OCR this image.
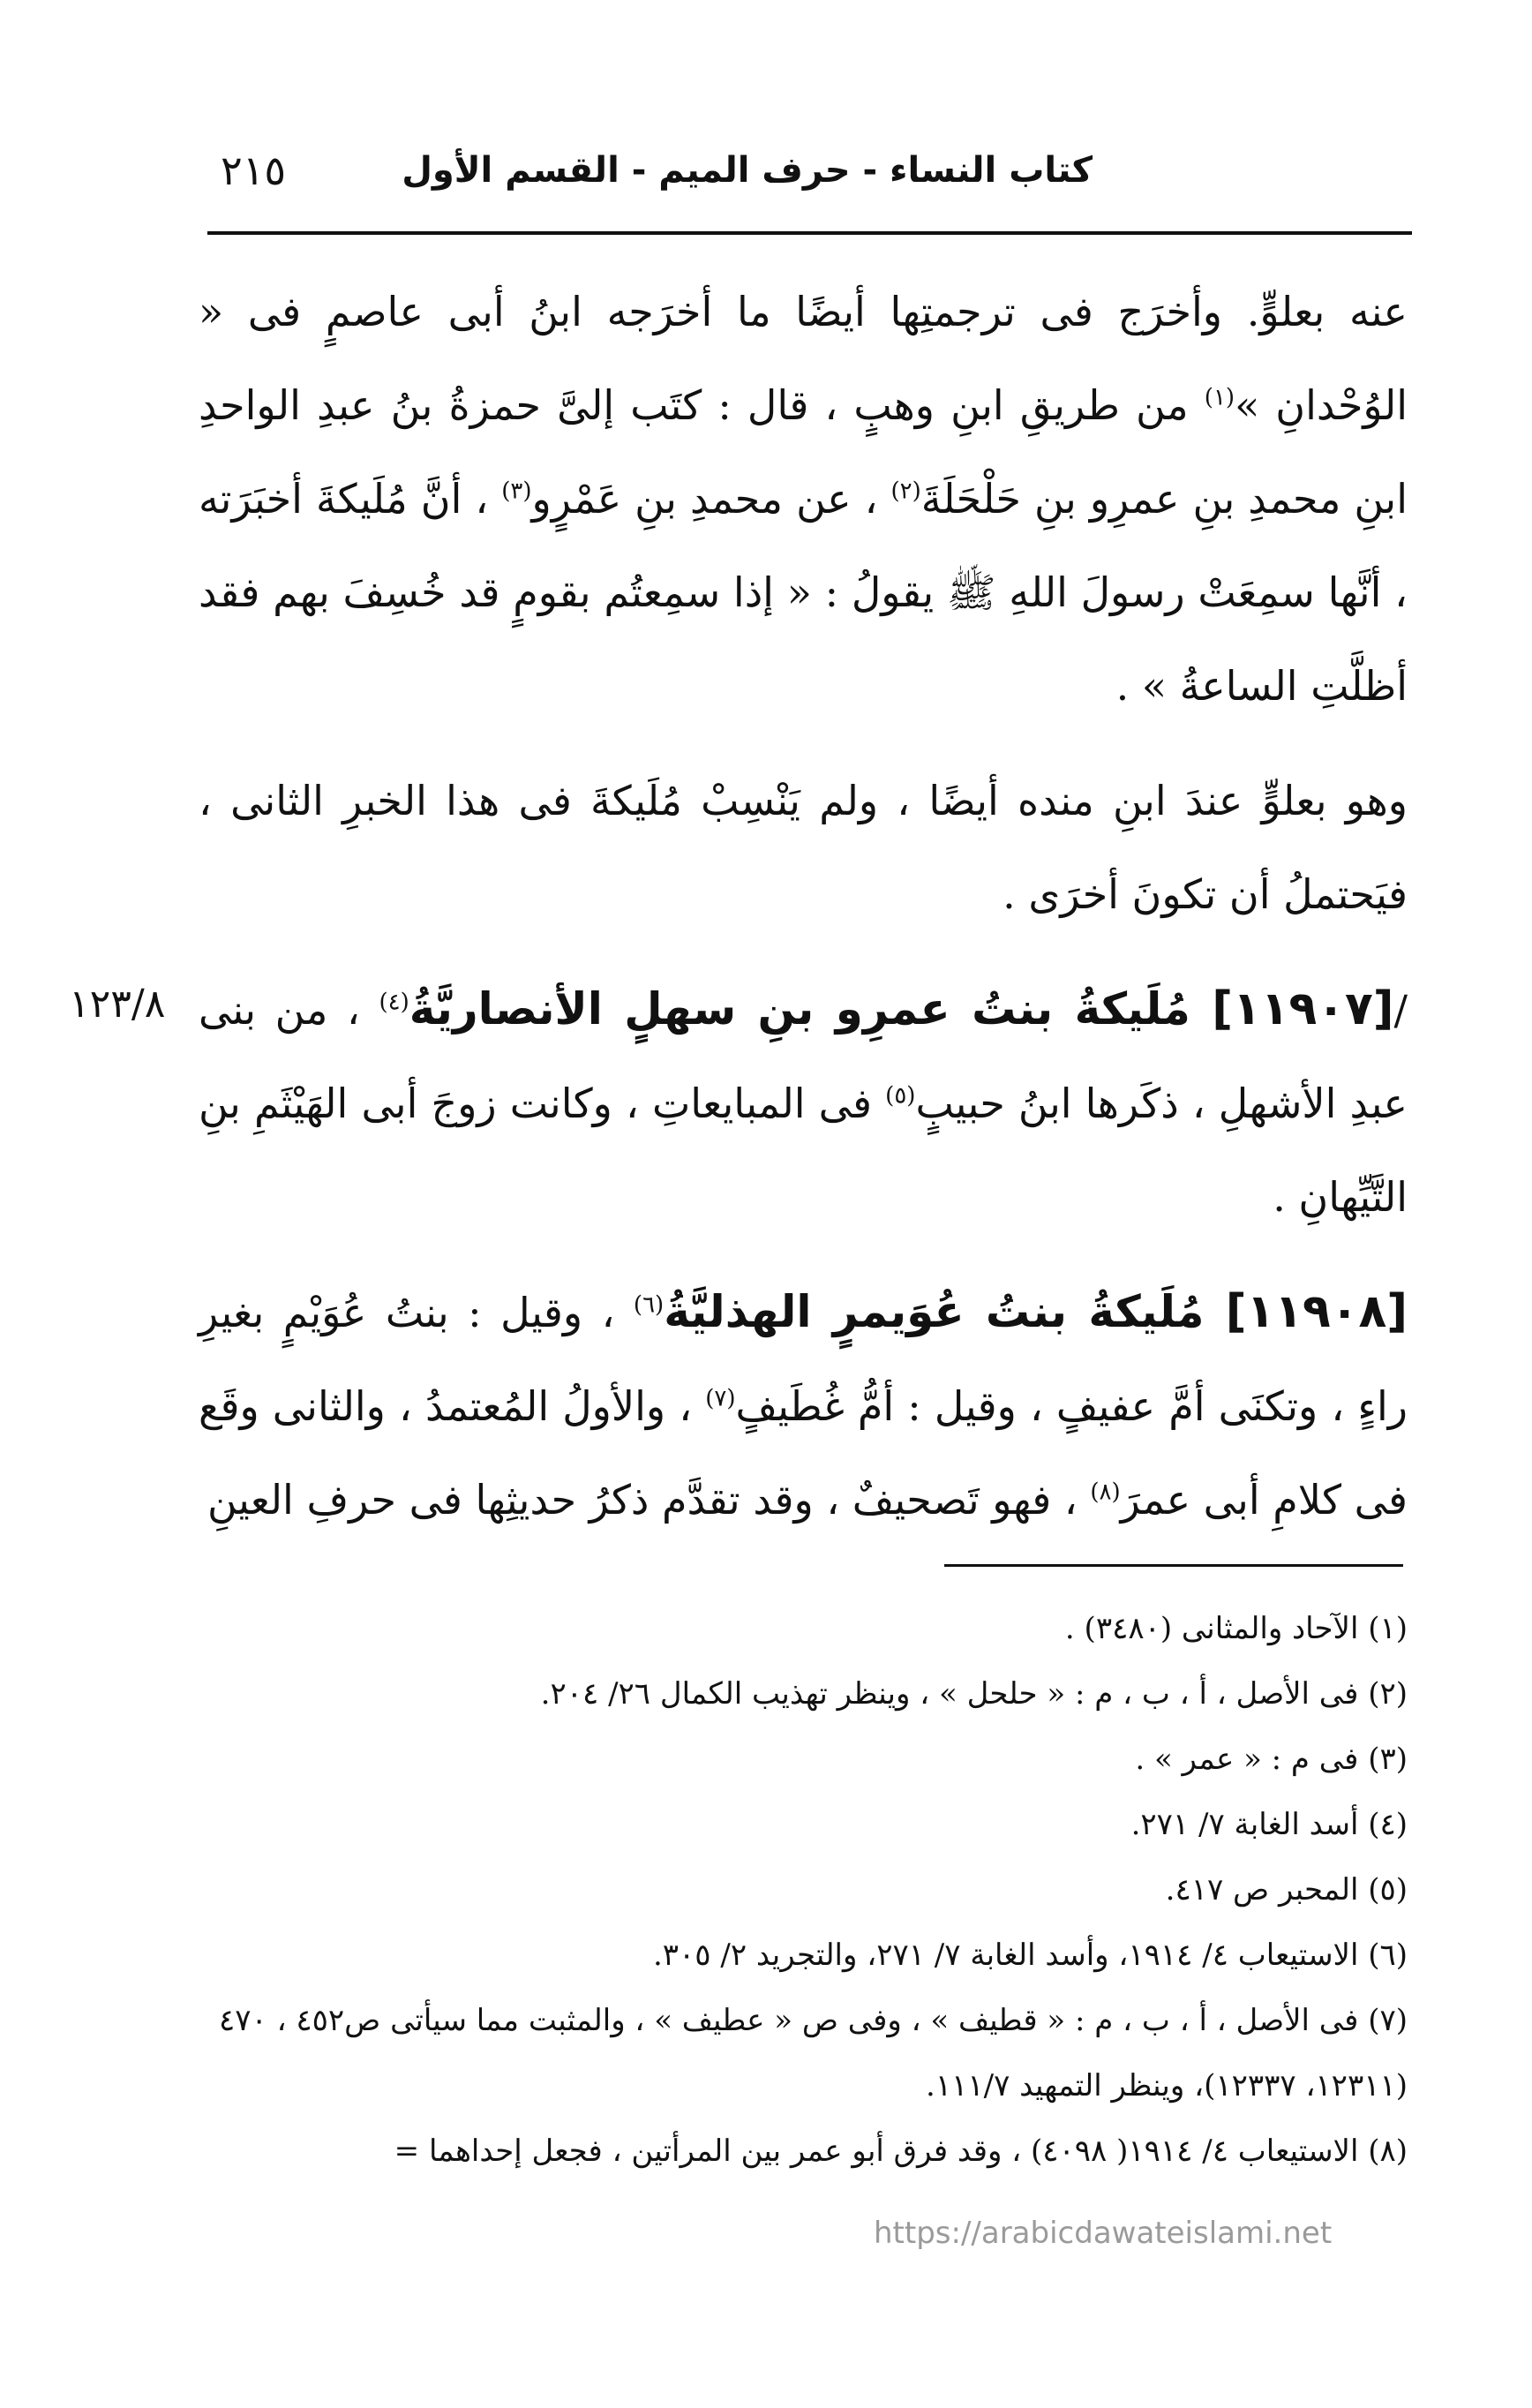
كتاب النساء - حرف الميم - القسم الأول
٢١٥

عنه بعلوٍّ. وأخرَج فى ترجمتِها أيضًا ما أخرَجه ابنُ أبى عاصمٍ فى « الوُحْدانِ »$^{(١)}$ من طريقِ ابنِ وهبٍ ، قال : كتَب إلىَّ حمزةُ بنُ عبدِ الواحدِ ابنِ محمدِ بنِ عمرِو بنِ حَلْحَلَةَ$^{(٢)}$ ، عن محمدِ بنِ عَمْرٍو$^{(٣)}$ ، أنَّ مُلَيكةَ أخبَرَته ، أنَّها سمِعَتْ رسولَ اللهِ ﷺ يقولُ : « إذا سمِعتُم بقومٍ قد خُسِفَ بهم فقد أظلَّتِ الساعةُ » .

وهو بعلوٍّ عندَ ابنِ منده أيضًا ، ولم يَنْسِبْ مُلَيكةَ فى هذا الخبرِ الثانى ، فيَحتملُ أن تكونَ أخرَى .

/[١١٩٠٧] مُلَيكةُ بنتُ عمرِو بنِ سهلٍ الأنصاريَّةُ$^{(٤)}$ ، من بنى عبدِ الأشهلِ ، ذكَرها ابنُ حبيبٍ$^{(٥)}$ فى المبايعاتِ ، وكانت زوجَ أبى الهَيْثَمِ بنِ التَّيِّهانِ .

[١١٩٠٨] مُلَيكةُ بنتُ عُوَيمرٍ الهذليَّةُ$^{(٦)}$ ، وقيل : بنتُ عُوَيْمٍ بغيرِ راءٍ ، وتكنَى أمَّ عفيفٍ ، وقيل : أمُّ غُطَيفٍ$^{(٧)}$ ، والأولُ المُعتمدُ ، والثانى وقَع فى كلامِ أبى عمرَ$^{(٨)}$ ، فهو تَصحيفٌ ، وقد تقدَّم ذكرُ حديثِها فى حرفِ العينِ

١٢٣/٨

(١) الآحاد والمثانى (٣٤٨٠) .

(٢) فى الأصل ، أ ، ب ، م : « حلحل » ، وينظر تهذيب الكمال ٢٦/ ٢٠٤.

(٣) فى م : « عمر » .

(٤) أسد الغابة ٧/ ٢٧١.

(٥) المحبر ص ٤١٧.

(٦) الاستيعاب ٤/ ١٩١٤، وأسد الغابة ٧/ ٢٧١، والتجريد ٢/ ٣٠٥.

(٧) فى الأصل ، أ ، ب ، م : « قطيف » ، وفى ص « عطيف » ، والمثبت مما سيأتى ص٤٥٢ ، ٤٧٠ (١٢٣١١، ١٢٣٣٧)، وينظر التمهيد ١١١/٧.

(٨) الاستيعاب ٤/ ١٩١٤( ٤٠٩٨) ، وقد فرق أبو عمر بين المرأتين ، فجعل إحداهما =

https://arabicdawateislami.net
